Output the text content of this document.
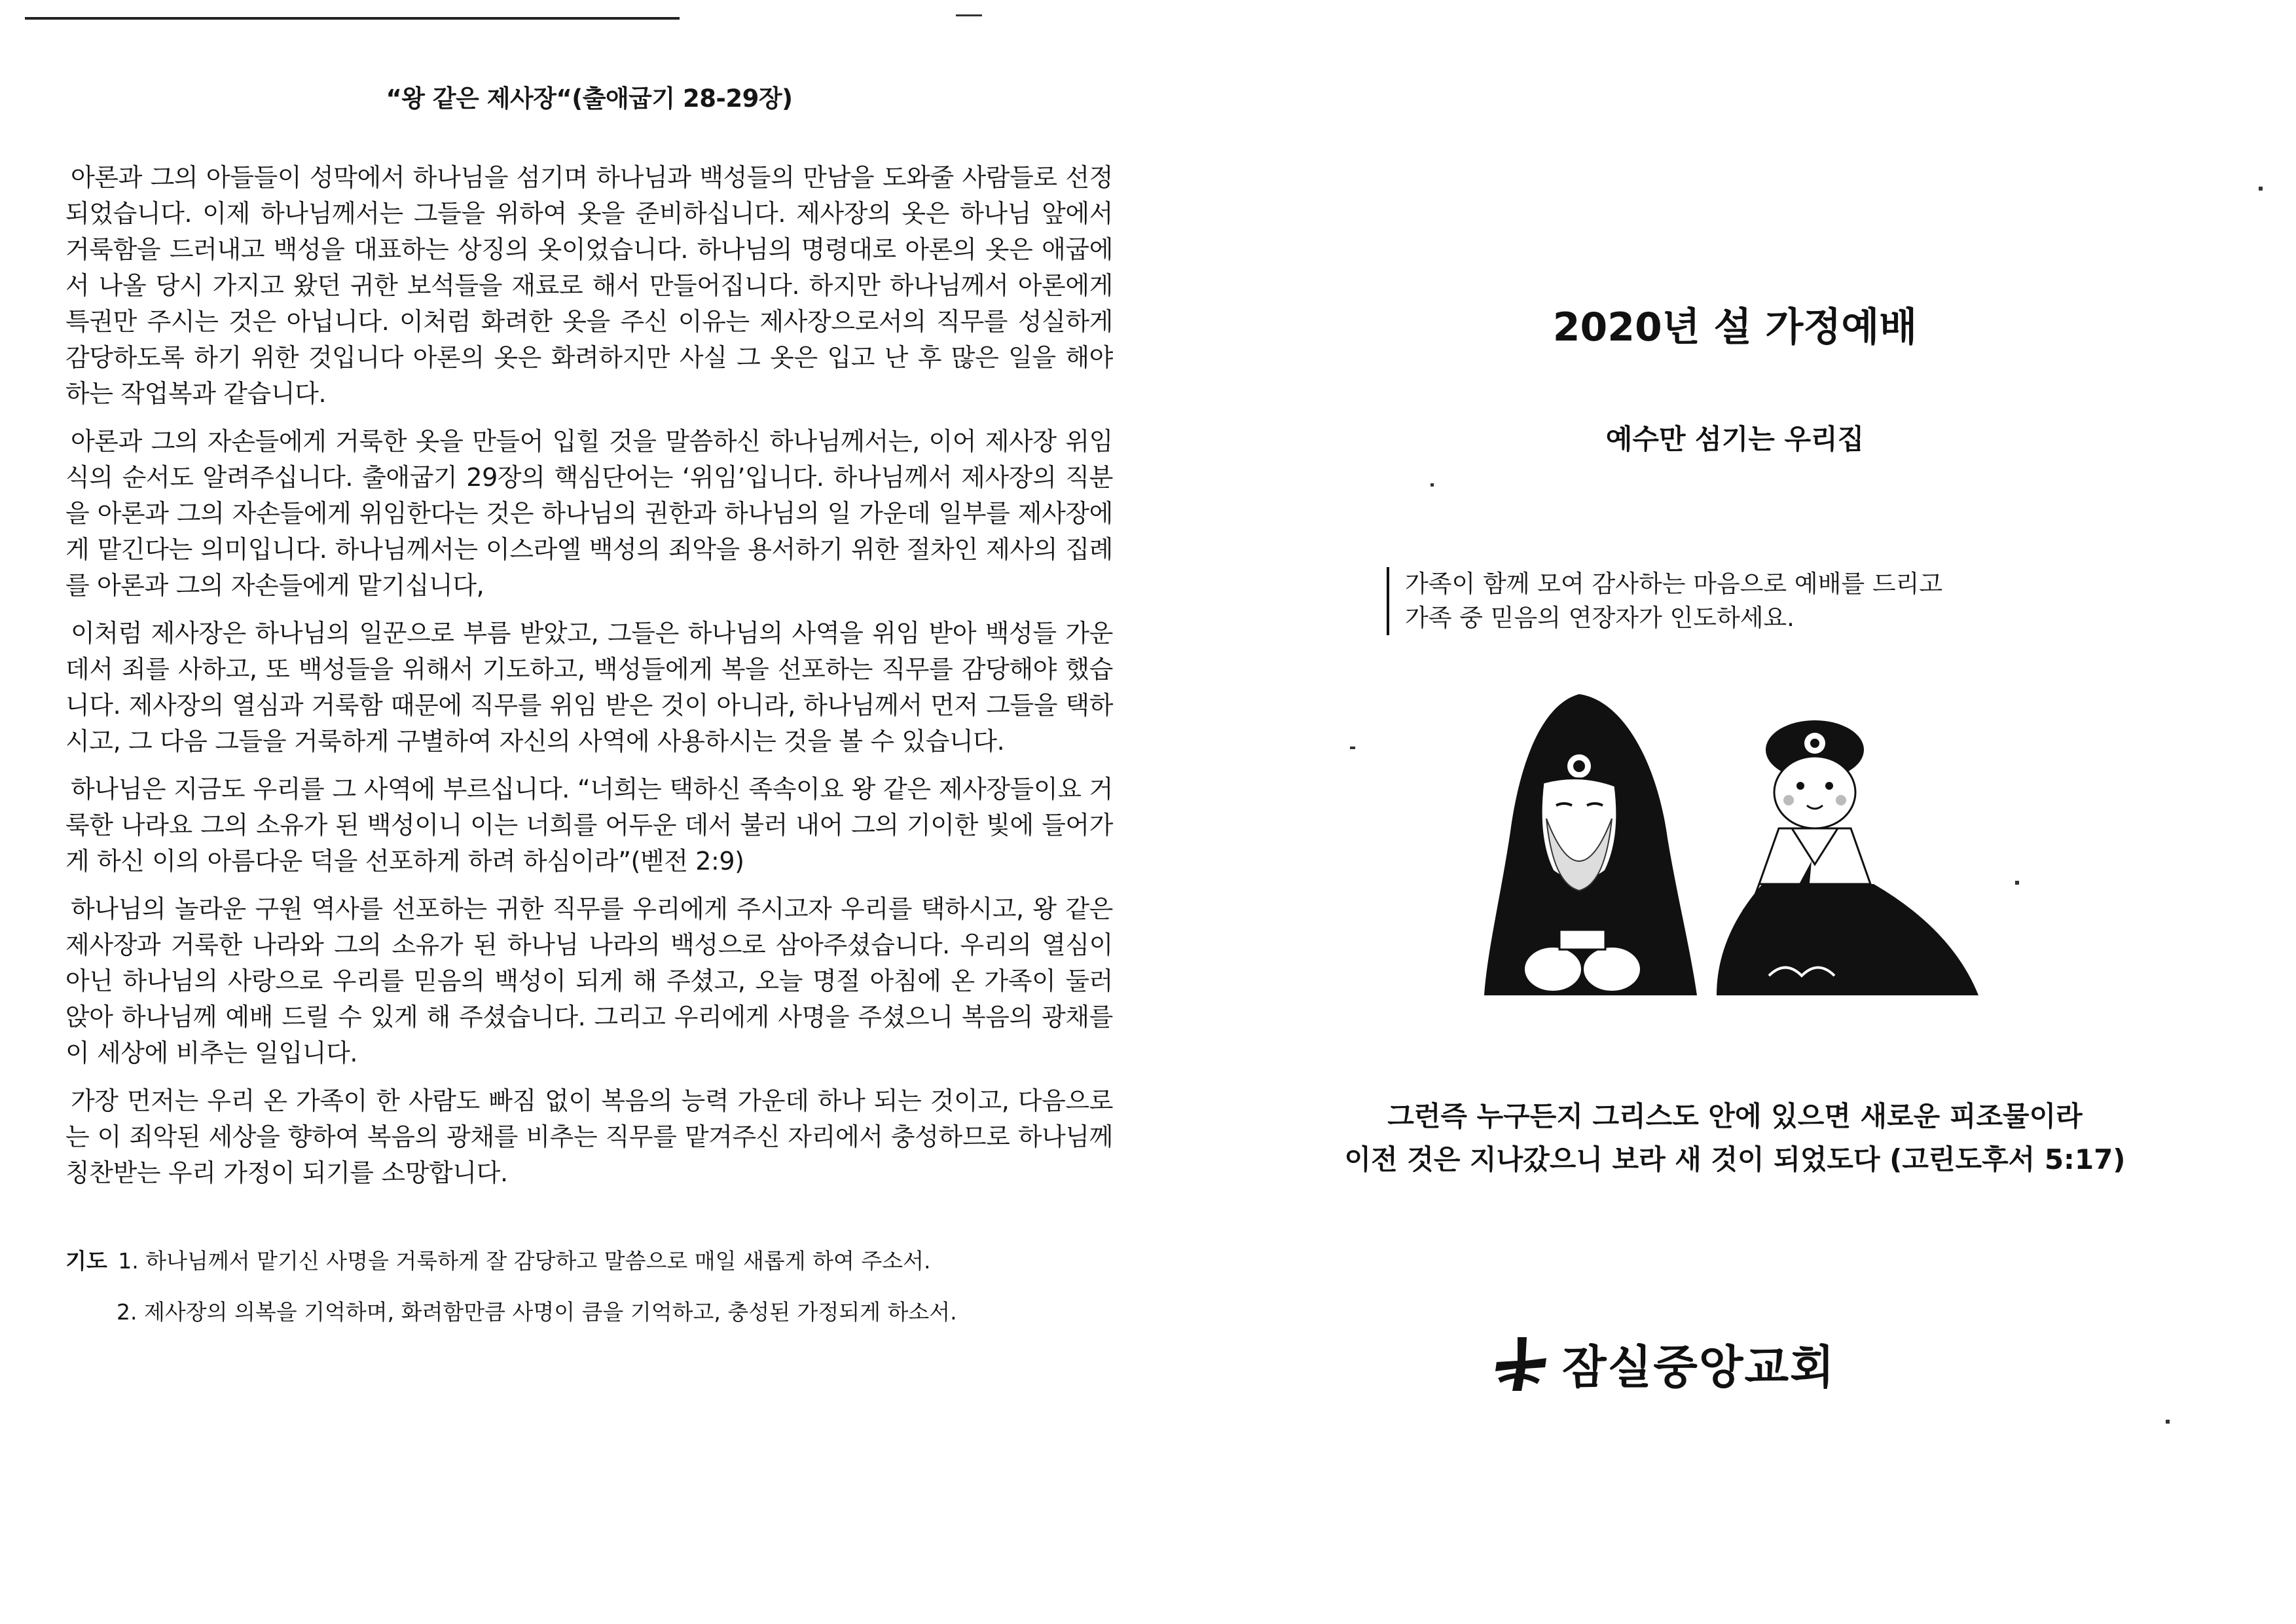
“왕 같은 제사장“(출애굽기 28-29장)

아론과 그의 아들들이 성막에서 하나님을 섬기며 하나님과 백성들의 만남을 도와줄 사람들로 선정되었습니다. 이제 하나님께서는 그들을 위하여 옷을 준비하십니다. 제사장의 옷은 하나님 앞에서 거룩함을 드러내고 백성을 대표하는 상징의 옷이었습니다. 하나님의 명령대로 아론의 옷은 애굽에서 나올 당시 가지고 왔던 귀한 보석들을 재료로 해서 만들어집니다. 하지만 하나님께서 아론에게 특권만 주시는 것은 아닙니다. 이처럼 화려한 옷을 주신 이유는 제사장으로서의 직무를 성실하게 감당하도록 하기 위한 것입니다 아론의 옷은 화려하지만 사실 그 옷은 입고 난 후 많은 일을 해야 하는 작업복과 같습니다.

아론과 그의 자손들에게 거룩한 옷을 만들어 입힐 것을 말씀하신 하나님께서는, 이어 제사장 위임식의 순서도 알려주십니다. 출애굽기 29장의 핵심단어는 ‘위임’입니다. 하나님께서 제사장의 직분을 아론과 그의 자손들에게 위임한다는 것은 하나님의 권한과 하나님의 일 가운데 일부를 제사장에게 맡긴다는 의미입니다. 하나님께서는 이스라엘 백성의 죄악을 용서하기 위한 절차인 제사의 집례를 아론과 그의 자손들에게 맡기십니다,

이처럼 제사장은 하나님의 일꾼으로 부름 받았고, 그들은 하나님의 사역을 위임 받아 백성들 가운데서 죄를 사하고, 또 백성들을 위해서 기도하고, 백성들에게 복을 선포하는 직무를 감당해야 했습니다. 제사장의 열심과 거룩함 때문에 직무를 위임 받은 것이 아니라, 하나님께서 먼저 그들을 택하시고, 그 다음 그들을 거룩하게 구별하여 자신의 사역에 사용하시는 것을 볼 수 있습니다.

하나님은 지금도 우리를 그 사역에 부르십니다. “너희는 택하신 족속이요 왕 같은 제사장들이요 거룩한 나라요 그의 소유가 된 백성이니 이는 너희를 어두운 데서 불러 내어 그의 기이한 빛에 들어가게 하신 이의 아름다운 덕을 선포하게 하려 하심이라”(벧전 2:9)

하나님의 놀라운 구원 역사를 선포하는 귀한 직무를 우리에게 주시고자 우리를 택하시고, 왕 같은 제사장과 거룩한 나라와 그의 소유가 된 하나님 나라의 백성으로 삼아주셨습니다. 우리의 열심이 아닌 하나님의 사랑으로 우리를 믿음의 백성이 되게 해 주셨고, 오늘 명절 아침에 온 가족이 둘러 앉아 하나님께 예배 드릴 수 있게 해 주셨습니다. 그리고 우리에게 사명을 주셨으니 복음의 광채를 이 세상에 비추는 일입니다.

가장 먼저는 우리 온 가족이 한 사람도 빠짐 없이 복음의 능력 가운데 하나 되는 것이고, 다음으로는 이 죄악된 세상을 향하여 복음의 광채를 비추는 직무를 맡겨주신 자리에서 충성하므로 하나님께 칭찬받는 우리 가정이 되기를 소망합니다.

기도 1. 하나님께서 맡기신 사명을 거룩하게 잘 감당하고 말씀으로 매일 새롭게 하여 주소서.
2. 제사장의 의복을 기억하며, 화려함만큼 사명이 큼을 기억하고, 충성된 가정되게 하소서.
2020년 설 가정예배
예수만 섬기는 우리집
가족이 함께 모여 감사하는 마음으로 예배를 드리고
가족 중 믿음의 연장자가 인도하세요.
그런즉 누구든지 그리스도 안에 있으면 새로운 피조물이라
이전 것은 지나갔으니 보라 새 것이 되었도다 (고린도후서 5:17)
잠실중앙교회
